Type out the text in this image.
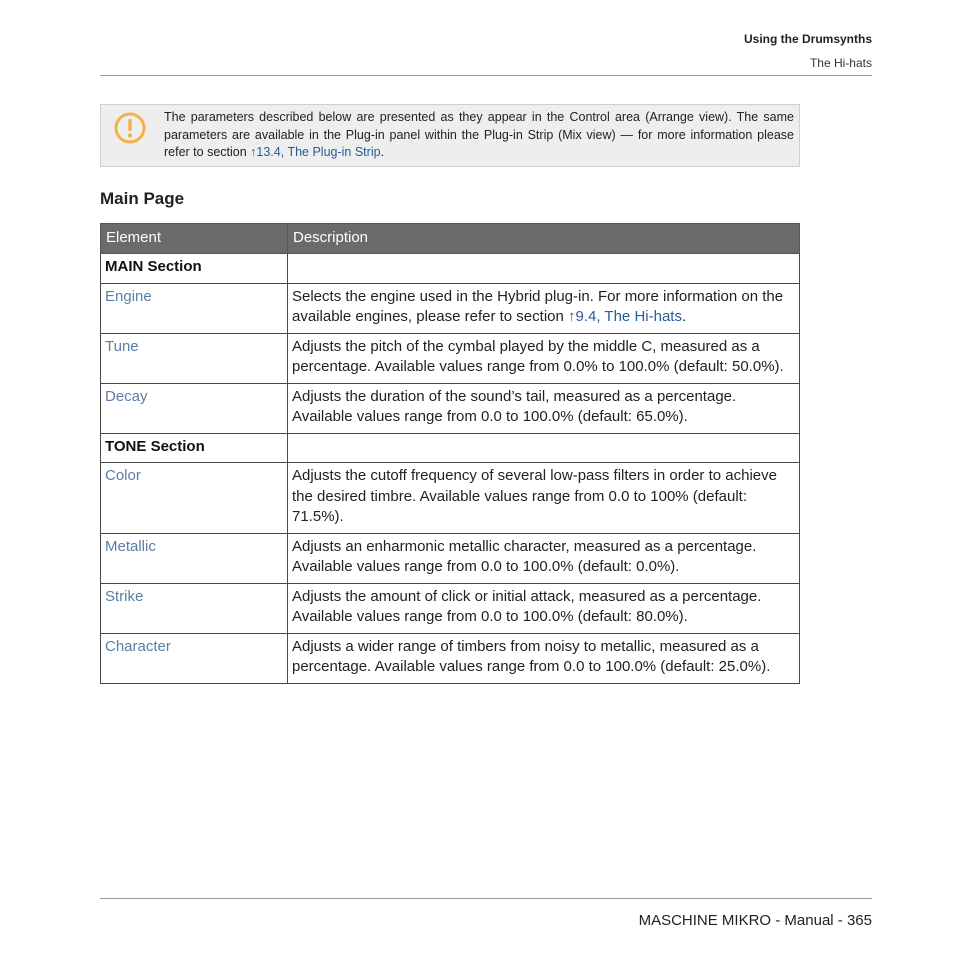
Using the Drumsynths
The Hi-hats
The parameters described below are presented as they appear in the Control area (Arrange view). The same parameters are available in the Plug-in panel within the Plug-in Strip (Mix view) — for more information please refer to section ↑13.4, The Plug-in Strip.
Main Page
Element	Description
MAIN Section	
Engine	Selects the engine used in the Hybrid plug-in. For more information on the available engines, please refer to section ↑9.4, The Hi-hats.
Tune	Adjusts the pitch of the cymbal played by the middle C, measured as a percentage. Available values range from 0.0% to 100.0% (default: 50.0%).
Decay	Adjusts the duration of the sound’s tail, measured as a percentage. Available values range from 0.0 to 100.0% (default: 65.0%).
TONE Section	
Color	Adjusts the cutoff frequency of several low-pass filters in order to achieve the desired timbre. Available values range from 0.0 to 100% (default: 71.5%).
Metallic	Adjusts an enharmonic metallic character, measured as a percentage. Available values range from 0.0 to 100.0% (default: 0.0%).
Strike	Adjusts the amount of click or initial attack, measured as a percentage. Available values range from 0.0 to 100.0% (default: 80.0%).
Character	Adjusts a wider range of timbers from noisy to metallic, measured as a percentage. Available values range from 0.0 to 100.0% (default: 25.0%).
MASCHINE MIKRO - Manual - 365
